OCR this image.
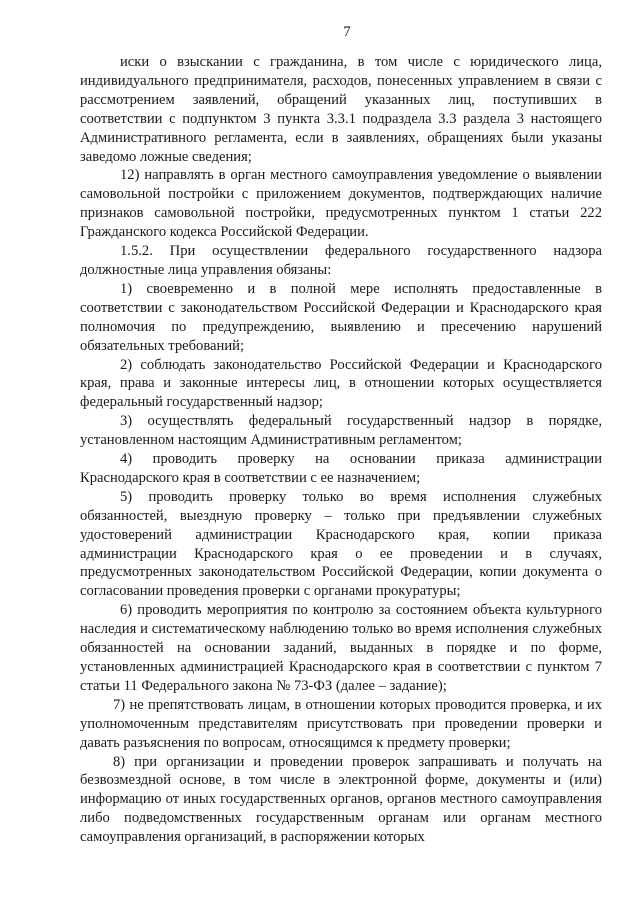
7

иски о взыскании с гражданина, в том числе с юридического лица, индивидуального предпринимателя, расходов, понесенных управлением в связи с рассмотрением заявлений, обращений указанных лиц, поступивших в соответствии с подпунктом 3 пункта 3.3.1 подраздела 3.3 раздела 3 настоящего Административного регламента, если в заявлениях, обращениях были указаны заведомо ложные сведения;

12) направлять в орган местного самоуправления уведомление о выявлении самовольной постройки с приложением документов, подтверждающих наличие признаков самовольной постройки, предусмотренных пунктом 1 статьи 222 Гражданского кодекса Российской Федерации.

1.5.2. При осуществлении федерального государственного надзора должностные лица управления обязаны:

1) своевременно и в полной мере исполнять предоставленные в соответствии с законодательством Российской Федерации и Краснодарского края полномочия по предупреждению, выявлению и пресечению нарушений обязательных требований;

2) соблюдать законодательство Российской Федерации и Краснодарского края, права и законные интересы лиц, в отношении которых осуществляется федеральный государственный надзор;

3) осуществлять федеральный государственный надзор в порядке, установленном настоящим Административным регламентом;

4) проводить проверку на основании приказа администрации Краснодарского края в соответствии с ее назначением;

5) проводить проверку только во время исполнения служебных обязанностей, выездную проверку – только при предъявлении служебных удостоверений администрации Краснодарского края, копии приказа администрации Краснодарского края о ее проведении и в случаях, предусмотренных законодательством Российской Федерации, копии документа о согласовании проведения проверки с органами прокуратуры;

6) проводить мероприятия по контролю за состоянием объекта культурного наследия и систематическому наблюдению только во время исполнения служебных обязанностей на основании заданий, выданных в порядке и по форме, установленных администрацией Краснодарского края в соответствии с пунктом 7 статьи 11 Федерального закона № 73-ФЗ (далее – задание);

7) не препятствовать лицам, в отношении которых проводится проверка, и их уполномоченным представителям присутствовать при проведении проверки и давать разъяснения по вопросам, относящимся к предмету проверки;

8) при организации и проведении проверок запрашивать и получать на безвозмездной основе, в том числе в электронной форме, документы и (или) информацию от иных государственных органов, органов местного самоуправления либо подведомственных государственным органам или органам местного самоуправления организаций, в распоряжении которых
